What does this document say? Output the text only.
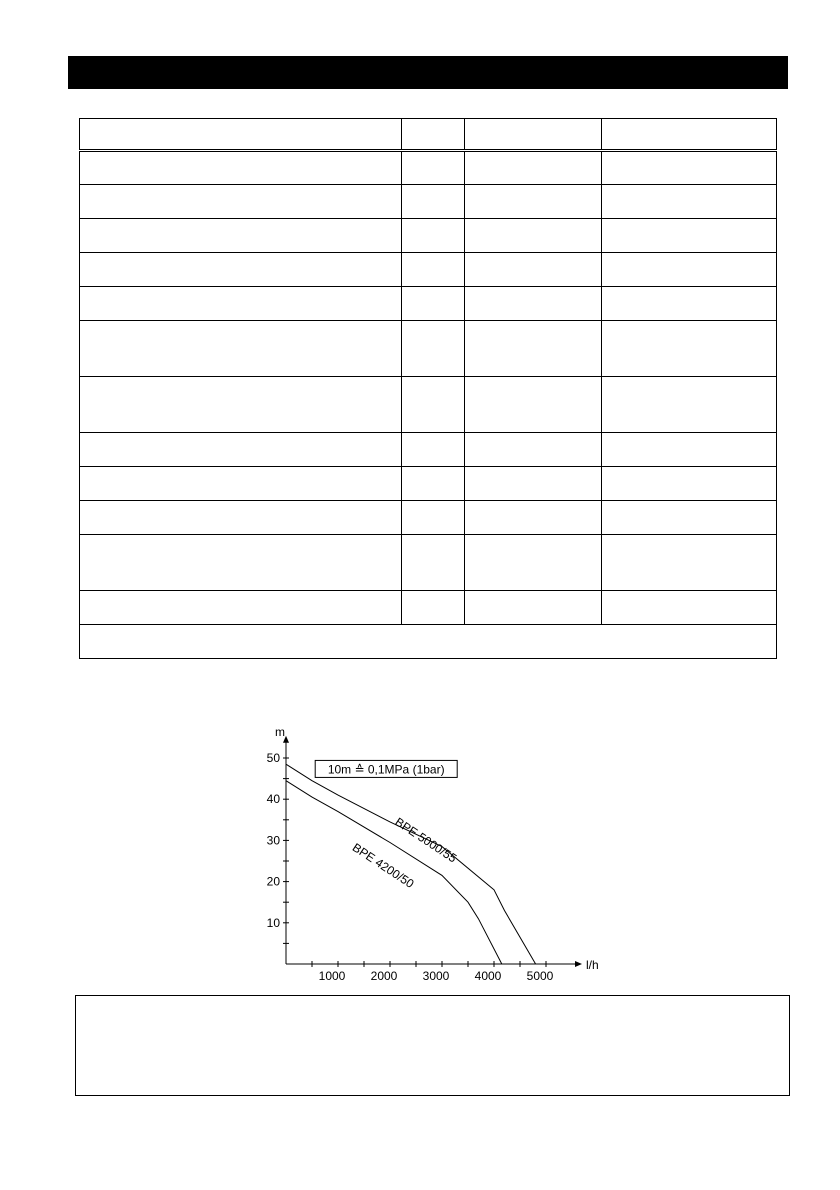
1000 2000 3000 4000 5000
10
20
30
40
50
m
l/h
BPE 5000/55
BPE 4200/50
10m ≙ 0,1MPa (1bar)
